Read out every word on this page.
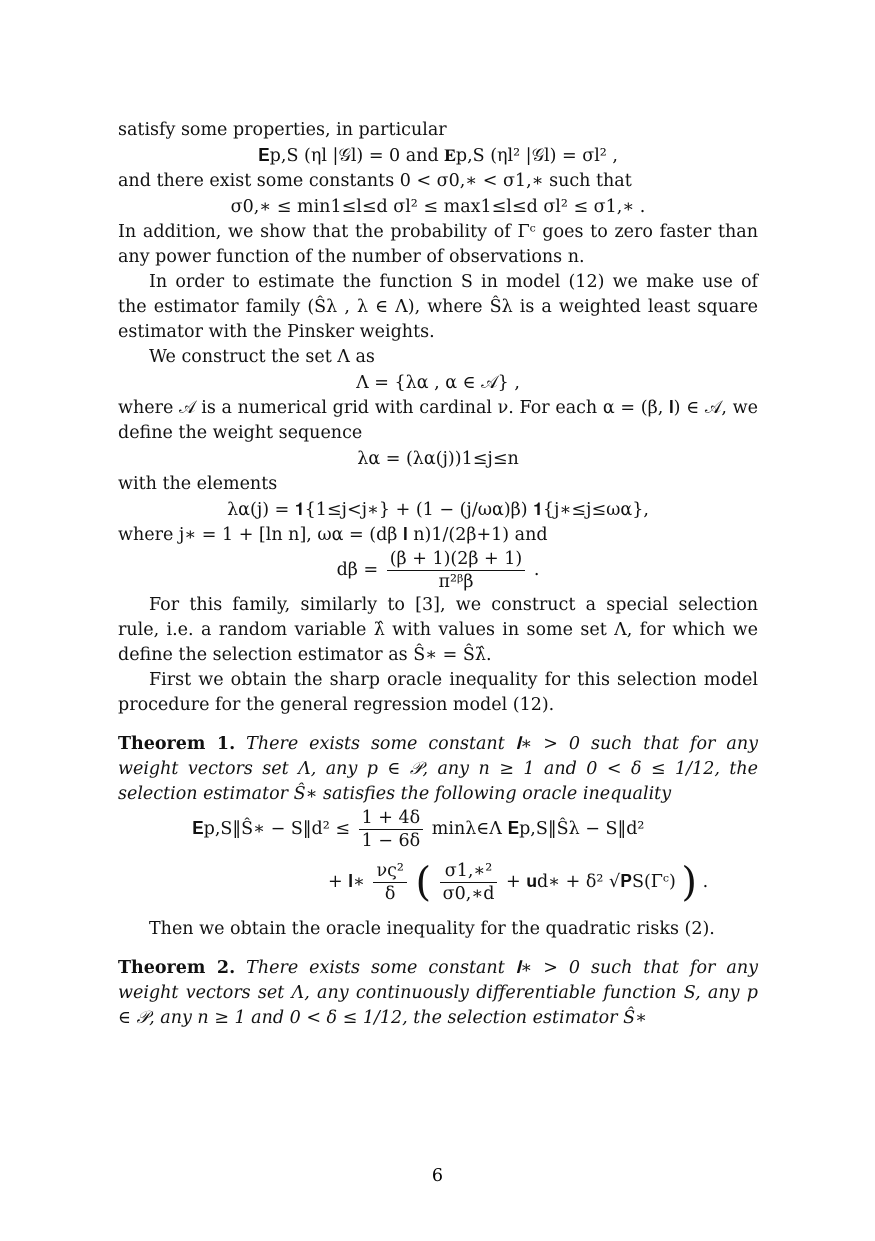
satisfy some properties, in particular

𝐄p,S (ηl |𝒢l) = 0 and 𝐄p,S (ηl² |𝒢l) = σl² ,

and there exist some constants 0 < σ0,∗ < σ1,∗ such that

σ0,∗ ≤ min1≤l≤d σl² ≤ max1≤l≤d σl² ≤ σ1,∗ .

In addition, we show that the probability of Γᶜ goes to zero faster than any power function of the number of observations n.

In order to estimate the function S in model (12) we make use of the estimator family (Ŝλ , λ ∈ Λ), where Ŝλ is a weighted least square estimator with the Pinsker weights.

We construct the set Λ as

Λ = {λα , α ∈ 𝒜} ,

where 𝒜 is a numerical grid with cardinal ν. For each α = (β, 𝐥) ∈ 𝒜, we define the weight sequence

λα = (λα(j))1≤j≤n

with the elements

λα(j) = 𝟏{1≤j<j∗} + (1 − (j/ωα)β) 𝟏{j∗≤j≤ωα},

where j∗ = 1 + [ln n], ωα = (dβ 𝐥 n)1/(2β+1) and

$d\beta = \frac{(\beta + 1)(2\beta + 1)}{\text{π²ᵝβ}}$ .

For this family, similarly to [3], we construct a special selection rule, i.e. a random variable λ̂ with values in some set Λ, for which we define the selection estimator as Ŝ∗ = Ŝλ̂.

First we obtain the sharp oracle inequality for this selection model procedure for the general regression model (12).

Theorem 1. There exists some constant 𝐥∗ > 0 such that for any weight vectors set Λ, any p ∈ 𝒫, any n ≥ 1 and 0 < δ ≤ 1/12, the selection estimator Ŝ∗ satisfies the following oracle inequality

𝐄p,S‖Ŝ∗ − S‖d² ≤ $\frac{1 + 4\delta}{1 - 6\delta}$ minλ∈Λ 𝐄p,S‖Ŝλ − S‖d²
+ 𝐥∗ $\frac{\text{νς²}}{\delta}$ ( $\frac{\text{σ1,∗²}}{\sigma 0,∗d}$ + 𝐮d∗ + δ² √𝐏S(Γᶜ) ) .

Then we obtain the oracle inequality for the quadratic risks (2).

Theorem 2. There exists some constant 𝐥∗ > 0 such that for any weight vectors set Λ, any continuously differentiable function S, any p ∈ 𝒫, any n ≥ 1 and 0 < δ ≤ 1/12, the selection estimator Ŝ∗

6
